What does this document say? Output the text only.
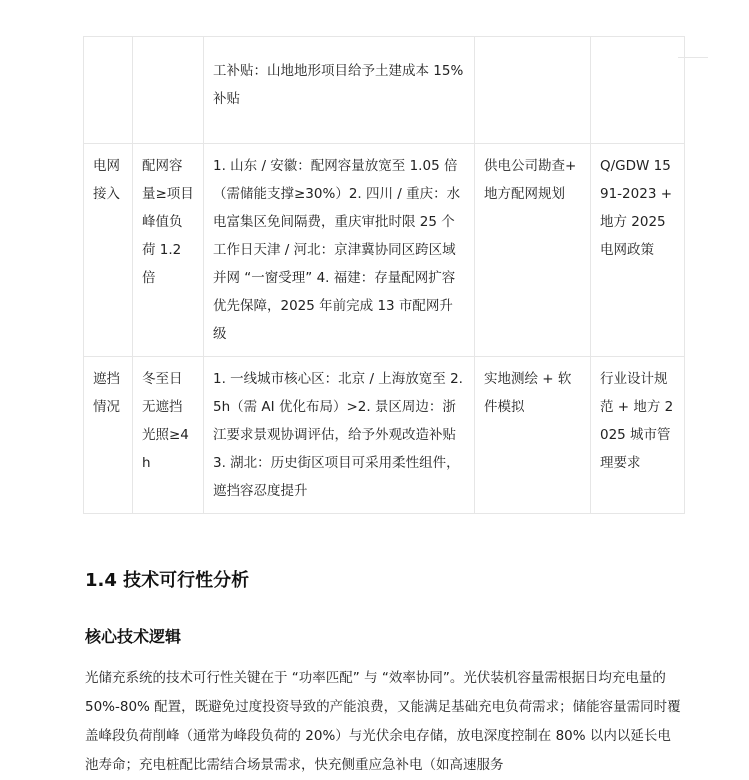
		工补贴：山地地形项目给予土建成本 15% 补贴		
电网接入	配网容量≥项目峰值负荷 1.2 倍	1. 山东 / 安徽：配网容量放宽至 1.05 倍（需储能支撑≥30%）2. 四川 / 重庆：水电富集区免间隔费，重庆审批时限 25 个工作日天津 / 河北：京津冀协同区跨区域并网 “一窗受理” 4. 福建：存量配网扩容优先保障，2025 年前完成 13 市配网升级	供电公司勘查+ 地方配网规划	Q/GDW 1591-2023 + 地方 2025 电网政策
遮挡情况	冬至日无遮挡光照≥4h	1. 一线城市核心区：北京 / 上海放宽至 2.5h（需 AI 优化布局）>2. 景区周边：浙江要求景观协调评估，给予外观改造补贴 3. 湖北：历史街区项目可采用柔性组件，遮挡容忍度提升	实地测绘 + 软件模拟	行业设计规范 + 地方 2025 城市管理要求
1.4 技术可行性分析
核心技术逻辑

光储充系统的技术可行性关键在于 “功率匹配” 与 “效率协同”。光伏装机容量需根据日均充电量的 50%-80% 配置，既避免过度投资导致的产能浪费，又能满足基础充电负荷需求；储能容量需同时覆盖峰段负荷削峰（通常为峰段负荷的 20%）与光伏余电存储，放电深度控制在 80% 以内以延长电池寿命；充电桩配比需结合场景需求，快充侧重应急补电（如高速服务
